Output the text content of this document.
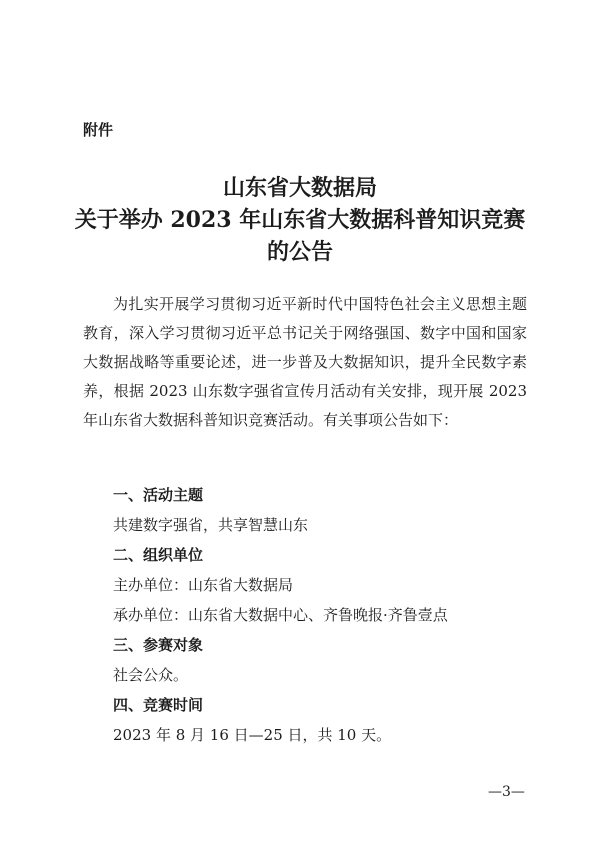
附件

山东省大数据局

关于举办 2023 年山东省大数据科普知识竞赛

的公告

为扎实开展学习贯彻习近平新时代中国特色社会主义思想主题教育，深入学习贯彻习近平总书记关于网络强国、数字中国和国家大数据战略等重要论述，进一步普及大数据知识，提升全民数字素养，根据 2023 山东数字强省宣传月活动有关安排，现开展 2023 年山东省大数据科普知识竞赛活动。有关事项公告如下：

一、活动主题

共建数字强省，共享智慧山东

二、组织单位

主办单位：山东省大数据局

承办单位：山东省大数据中心、齐鲁晚报·齐鲁壹点

三、参赛对象

社会公众。

四、竞赛时间

2023 年 8 月 16 日—25 日，共 10 天。

—3—
